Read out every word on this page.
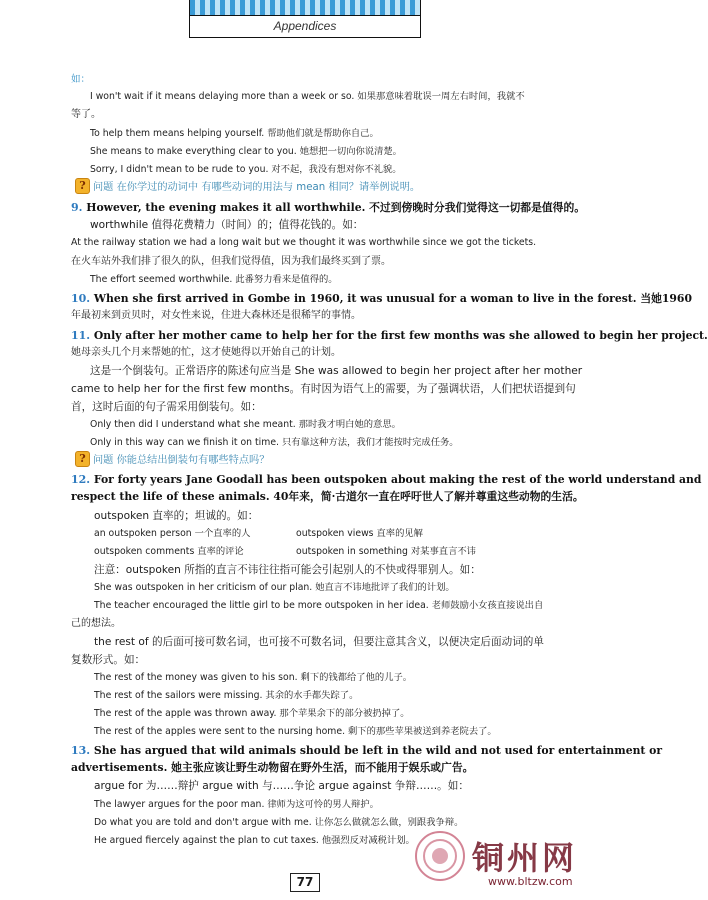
Appendices
如：
I won't wait if it means delaying more than a week or so. 如果那意味着耽误一周左右时间，我就不
等了。
To help them means helping yourself. 帮助他们就是帮助你自己。
She means to make everything clear to you. 她想把一切向你说清楚。
Sorry, I didn't mean to be rude to you. 对不起，我没有想对你不礼貌。
问题 在你学过的动词中 有哪些动词的用法与 mean 相同？请举例说明。
9. However, the evening makes it all worthwhile. 不过到傍晚时分我们觉得这一切都是值得的。
worthwhile 值得花费精力（时间）的；值得花钱的。如：
At the railway station we had a long wait but we thought it was worthwhile since we got the tickets.
在火车站外我们排了很久的队，但我们觉得值，因为我们最终买到了票。
The effort seemed worthwhile. 此番努力看来是值得的。
10. When she first arrived in Gombe in 1960, it was unusual for a woman to live in the forest. 当她1960
年最初来到贡贝时，对女性来说，住进大森林还是很稀罕的事情。
11. Only after her mother came to help her for the first few months was she allowed to begin her project.
她母亲头几个月来帮她的忙，这才使她得以开始自己的计划。
这是一个倒装句。正常语序的陈述句应当是 She was allowed to begin her project after her mother
came to help her for the first few months。有时因为语气上的需要，为了强调状语，人们把状语提到句
首，这时后面的句子需采用倒装句。如：
Only then did I understand what she meant. 那时我才明白她的意思。
Only in this way can we finish it on time. 只有靠这种方法，我们才能按时完成任务。
问题 你能总结出倒装句有哪些特点吗？
12. For forty years Jane Goodall has been outspoken about making the rest of the world understand and
respect the life of these animals. 40年来，简·古道尔一直在呼吁世人了解并尊重这些动物的生活。
outspoken 直率的；坦诚的。如：
an outspoken person 一个直率的人	outspoken views 直率的见解
outspoken comments 直率的评论	outspoken in something 对某事直言不讳
注意：outspoken 所指的直言不讳往往指可能会引起别人的不快或得罪别人。如：
She was outspoken in her criticism of our plan. 她直言不讳地批评了我们的计划。
The teacher encouraged the little girl to be more outspoken in her idea. 老师鼓励小女孩直接说出自
己的想法。
the rest of 的后面可接可数名词，也可接不可数名词，但要注意其含义，以便决定后面动词的单
复数形式。如：
The rest of the money was given to his son. 剩下的钱都给了他的儿子。
The rest of the sailors were missing. 其余的水手都失踪了。
The rest of the apple was thrown away. 那个苹果余下的部分被扔掉了。
The rest of the apples were sent to the nursing home. 剩下的那些苹果被送到养老院去了。
13. She has argued that wild animals should be left in the wild and not used for entertainment or
advertisements. 她主张应该让野生动物留在野外生活，而不能用于娱乐或广告。
argue for 为……辩护 argue with 与……争论 argue against 争辩……。如：
The lawyer argues for the poor man. 律师为这可怜的男人辩护。
Do what you are told and don't argue with me. 让你怎么做就怎么做，别跟我争辩。
He argued fiercely against the plan to cut taxes. 他强烈反对减税计划。
?
?
铜州网
www.bltzw.com
77
